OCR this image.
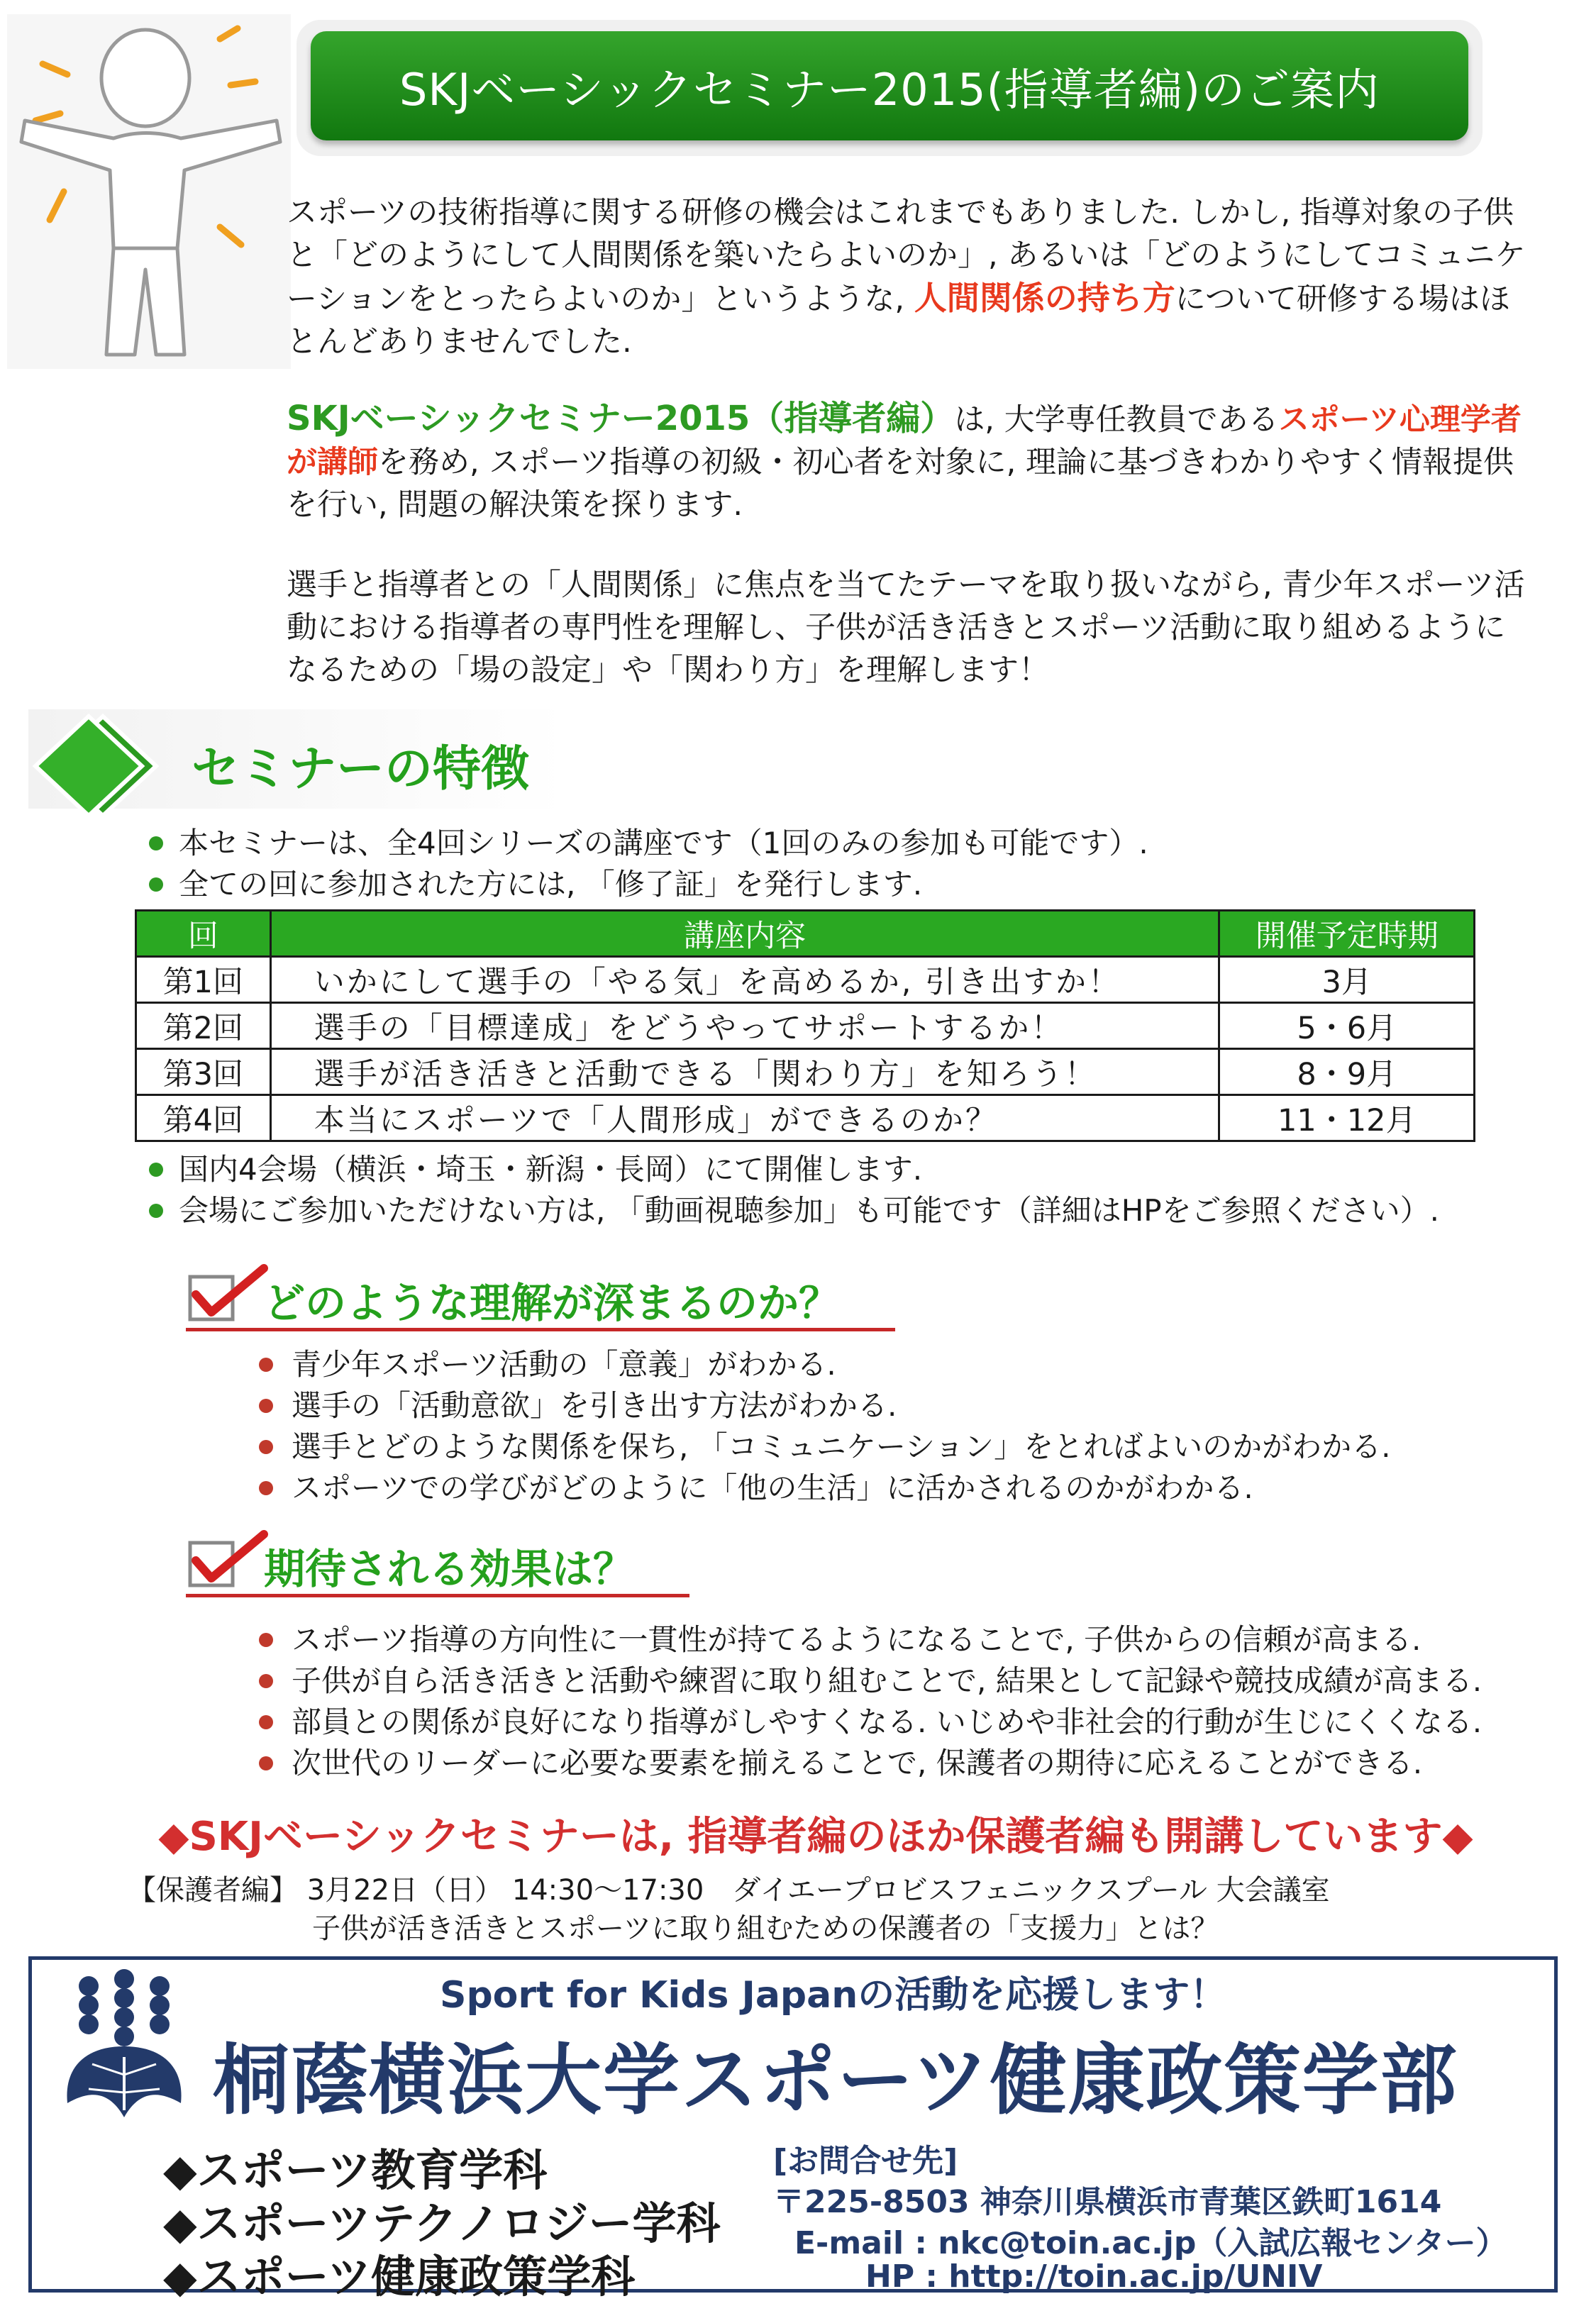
SKJベーシックセミナー2015(指導者編)のご案内
スポーツの技術指導に関する研修の機会はこれまでもありました. しかし, 指導対象の子供と「どのようにして人間関係を築いたらよいのか」, あるいは「どのようにしてコミュニケーションをとったらよいのか」というような, 人間関係の持ち方について研修する場はほとんどありませんでした.
SKJベーシックセミナー2015（指導者編）は, 大学専任教員であるスポーツ心理学者が講師を務め, スポーツ指導の初級・初心者を対象に, 理論に基づきわかりやすく情報提供を行い, 問題の解決策を探ります.
選手と指導者との「人間関係」に焦点を当てたテーマを取り扱いながら, 青少年スポーツ活動における指導者の専門性を理解し、子供が活き活きとスポーツ活動に取り組めるようになるための「場の設定」や「関わり方」を理解します！
セミナーの特徴
本セミナーは、全4回シリーズの講座です（1回のみの参加も可能です）.
全ての回に参加された方には, 「修了証」を発行します.
回	講座内容	開催予定時期
第1回	いかにして選手の「やる気」を高めるか, 引き出すか！	3月
第2回	選手の「目標達成」をどうやってサポートするか！	5・6月
第3回	選手が活き活きと活動できる「関わり方」を知ろう！	8・9月
第4回	本当にスポーツで「人間形成」ができるのか？	11・12月
国内4会場（横浜・埼玉・新潟・長岡）にて開催します.
会場にご参加いただけない方は, 「動画視聴参加」も可能です（詳細はHPをご参照ください）.
どのような理解が深まるのか？
青少年スポーツ活動の「意義」がわかる.
選手の「活動意欲」を引き出す方法がわかる.
選手とどのような関係を保ち, 「コミュニケーション」をとればよいのかがわかる.
スポーツでの学びがどのように「他の生活」に活かされるのかがわかる.
期待される効果は？
スポーツ指導の方向性に一貫性が持てるようになることで, 子供からの信頼が高まる.
子供が自ら活き活きと活動や練習に取り組むことで, 結果として記録や競技成績が高まる.
部員との関係が良好になり指導がしやすくなる. いじめや非社会的行動が生じにくくなる.
次世代のリーダーに必要な要素を揃えることで, 保護者の期待に応えることができる.
◆SKJベーシックセミナーは, 指導者編のほか保護者編も開講しています◆
【保護者編】 3月22日（日） 14:30〜17:30　ダイエープロビスフェニックスプール 大会議室
子供が活き活きとスポーツに取り組むための保護者の「支援力」とは？
Sport for Kids Japanの活動を応援します！
桐蔭横浜大学スポーツ健康政策学部
◆スポーツ教育学科
◆スポーツテクノロジー学科
◆スポーツ健康政策学科
[お問合せ先]
〒225-8503 神奈川県横浜市青葉区鉄町1614
E-mail : nkc@toin.ac.jp（入試広報センター）
HP : http://toin.ac.jp/UNIV
